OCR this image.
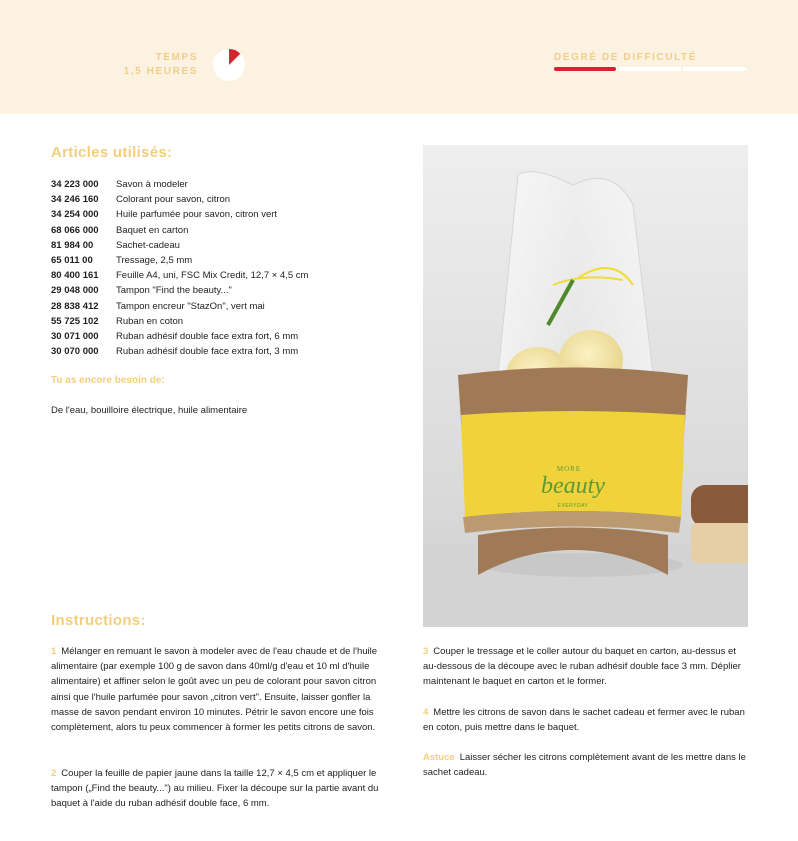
TEMPS
1,5 HEURES
DEGRÉ DE DIFFICULTÉ
Articles utilisés:
34 223 000	Savon à modeler
34 246 160	Colorant pour savon, citron
34 254 000	Huile parfumée pour savon, citron vert
68 066 000	Baquet en carton
81 984 00	Sachet-cadeau
65 011 00	Tressage, 2,5 mm
80 400 161	Feuille A4, uni, FSC Mix Credit, 12,7 × 4,5 cm
29 048 000	Tampon "Find the beauty..."
28 838 412	Tampon encreur "StazOn", vert mai
55 725 102	Ruban en coton
30 071 000	Ruban adhésif double face extra fort, 6 mm
30 070 000	Ruban adhésif double face extra fort, 3 mm
Tu as encore besoin de:
De l'eau, bouilloire électrique, huile alimentaire
MORE
beauty
EVERYDAY
Instructions:
1 Mélanger en remuant le savon à modeler avec de l'eau chaude et de l'huile alimentaire (par exemple 100 g de savon dans 40ml/g d'eau et 10 ml d'huile alimentaire) et affiner selon le goût avec un peu de colorant pour savon citron ainsi que l'huile parfumée pour savon „citron vert". Ensuite, laisser gonfler la masse de savon pendant environ 10 minutes. Pétrir le savon encore une fois complètement, alors tu peux commencer à former les petits citrons de savon.
2 Couper la feuille de papier jaune dans la taille 12,7 × 4,5 cm et appliquer le tampon („Find the beauty...") au milieu. Fixer la découpe sur la partie avant du baquet à l'aide du ruban adhésif double face, 6 mm.
3 Couper le tressage et le coller autour du baquet en carton, au-dessus et au-dessous de la découpe avec le ruban adhésif double face 3 mm. Déplier maintenant le baquet en carton et le former.
4 Mettre les citrons de savon dans le sachet cadeau et fermer avec le ruban en coton, puis mettre dans le baquet.
Astuce Laisser sécher les citrons complètement avant de les mettre dans le sachet cadeau.
